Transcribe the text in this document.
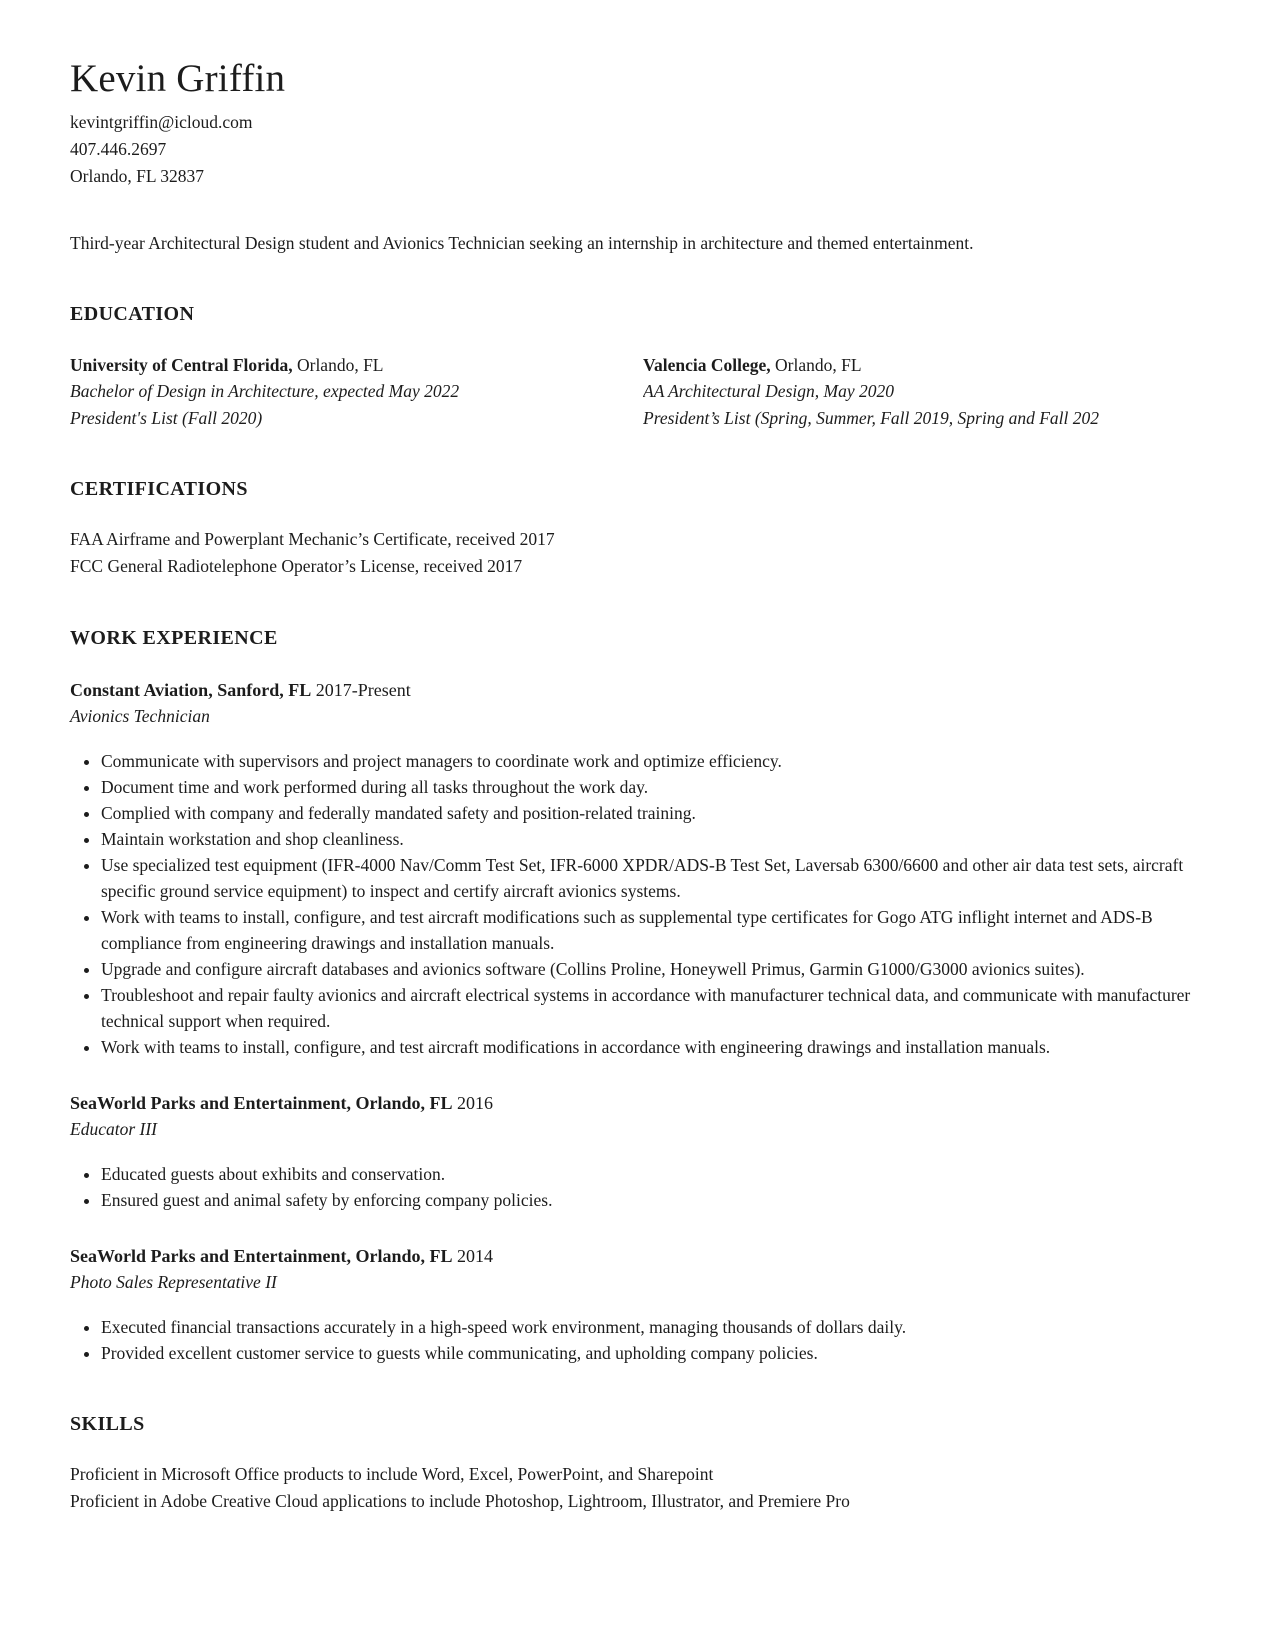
Kevin Griffin
kevintgriffin@icloud.com
407.446.2697
Orlando, FL 32837

Third-year Architectural Design student and Avionics Technician seeking an internship in architecture and themed entertainment.

EDUCATION
University of Central Florida, Orlando, FL
Bachelor of Design in Architecture, expected May 2022
President's List (Fall 2020)
Valencia College, Orlando, FL
AA Architectural Design, May 2020
President’s List (Spring, Summer, Fall 2019, Spring and Fall 202
CERTIFICATIONS
FAA Airframe and Powerplant Mechanic’s Certificate, received 2017
FCC General Radiotelephone Operator’s License, received 2017
WORK EXPERIENCE
Constant Aviation, Sanford, FL 2017-Present
Avionics Technician
• Communicate with supervisors and project managers to coordinate work and optimize efficiency.
• Document time and work performed during all tasks throughout the work day.
• Complied with company and federally mandated safety and position-related training.
• Maintain workstation and shop cleanliness.
• Use specialized test equipment (IFR-4000 Nav/Comm Test Set, IFR-6000 XPDR/ADS-B Test Set, Laversab 6300/6600 and other air data test sets, aircraft specific ground service equipment) to inspect and certify aircraft avionics systems.
• Work with teams to install, configure, and test aircraft modifications such as supplemental type certificates for Gogo ATG inflight internet and ADS-B compliance from engineering drawings and installation manuals.
• Upgrade and configure aircraft databases and avionics software (Collins Proline, Honeywell Primus, Garmin G1000/G3000 avionics suites).
• Troubleshoot and repair faulty avionics and aircraft electrical systems in accordance with manufacturer technical data, and communicate with manufacturer technical support when required.
• Work with teams to install, configure, and test aircraft modifications in accordance with engineering drawings and installation manuals.
SeaWorld Parks and Entertainment, Orlando, FL 2016
Educator III
• Educated guests about exhibits and conservation.
• Ensured guest and animal safety by enforcing company policies.
SeaWorld Parks and Entertainment, Orlando, FL 2014
Photo Sales Representative II
• Executed financial transactions accurately in a high-speed work environment, managing thousands of dollars daily.
• Provided excellent customer service to guests while communicating, and upholding company policies.
SKILLS
Proficient in Microsoft Office products to include Word, Excel, PowerPoint, and Sharepoint
Proficient in Adobe Creative Cloud applications to include Photoshop, Lightroom, Illustrator, and Premiere Pro
